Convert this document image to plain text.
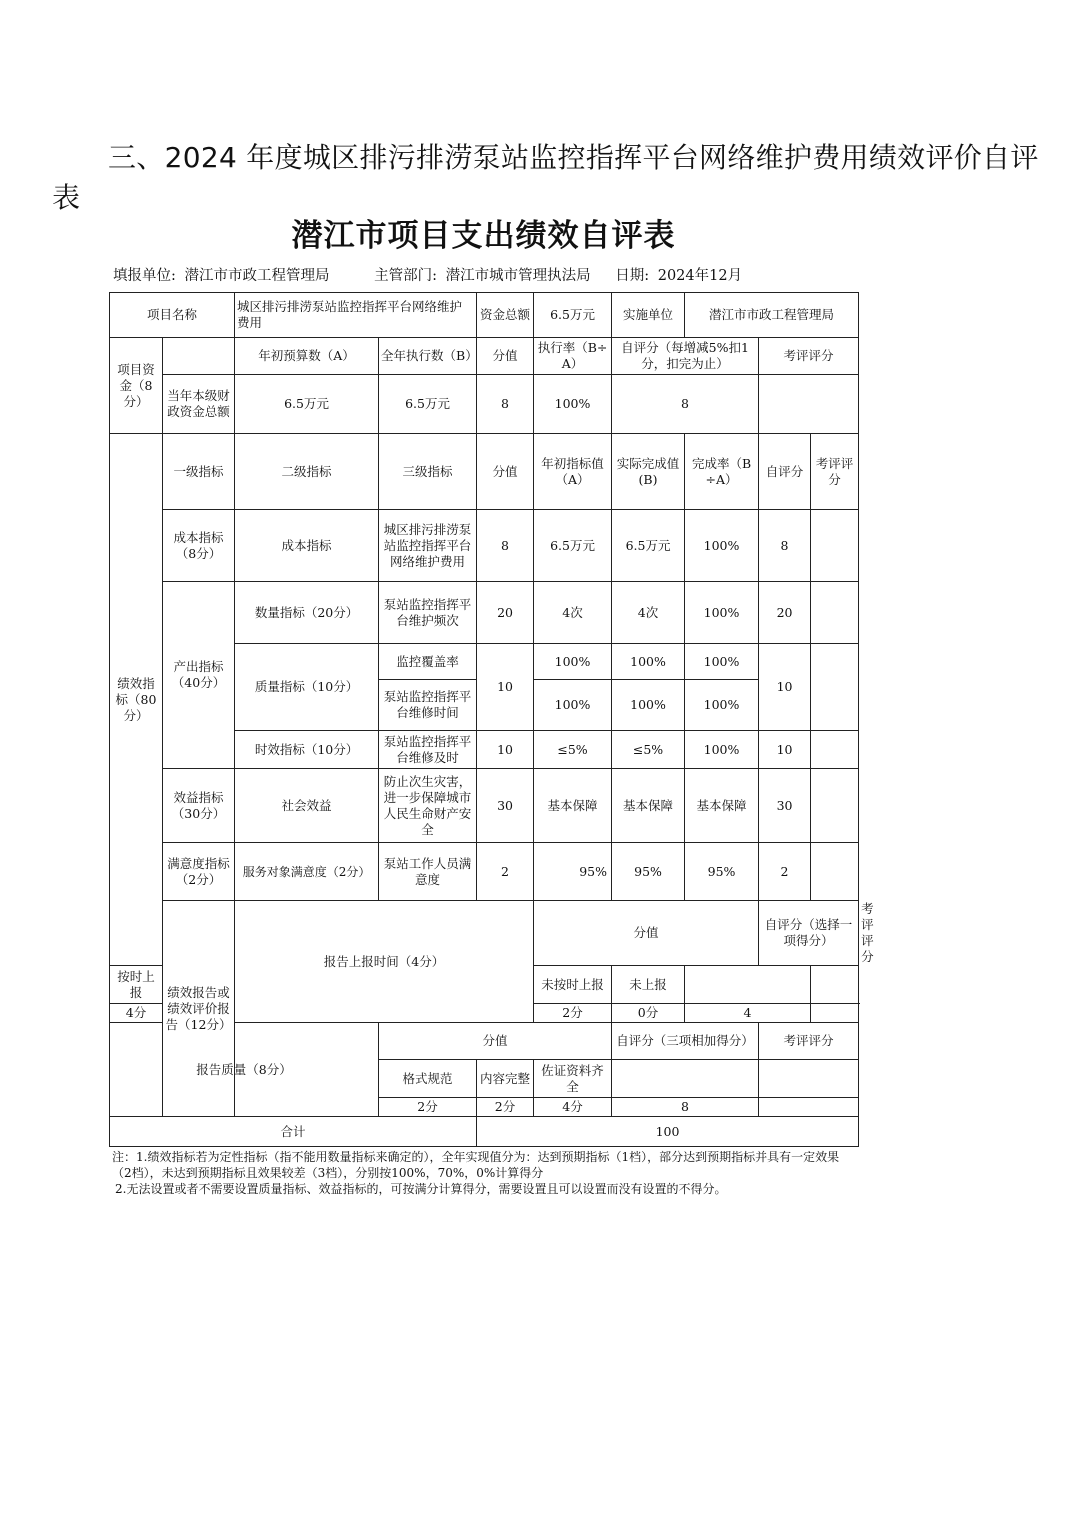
三、2024 年度城区排污排涝泵站监控指挥平台网络维护费用绩效评价自评表
潜江市项目支出绩效自评表
填报单位: 潜江市市政工程管理局	主管部门: 潜江市城市管理执法局 日期: 2024年12月
项目名称		城区排污排涝泵站监控指挥平台网络维护费用		资金总额	6.5万元	实施单位	潜江市市政工程管理局			
项目资金（8分）		年初预算数（A）	全年执行数（B）	分值	执行率（B÷A）	自评分（每增减5%扣1分，扣完为止）		考评评分		
	当年本级财政资金总额	6.5万元	6.5万元	8	100%	8				
绩效指标（80分）	一级指标	二级指标	三级指标	分值	年初指标值（A）	实际完成值(B)	完成率（B÷A）	自评分	考评评分	
	成本指标（8分）	成本指标	城区排污排涝泵站监控指挥平台网络维护费用	8	6.5万元	6.5万元	100%	8		
	产出指标（40分）	数量指标（20分）	泵站监控指挥平台维护频次	20	4次	4次	100%	20		
		质量指标（10分）	监控覆盖率	10	100%	100%	100%	10		
			泵站监控指挥平台维修时间		100%	100%	100%			
		时效指标（10分）	泵站监控指挥平台维修及时	10	≤5%	≤5%	100%	10		
	效益指标（30分）	社会效益	防止次生灾害，进一步保障城市人民生命财产安全	30	基本保障	基本保障	基本保障	30		
	满意度指标（2分）	服务对象满意度（2分）	泵站工作人员满意度	2	95%	95%	95%	2		
	绩效报告或绩效评价报告（12分）	报告上报时间（4分）			分值			自评分（选择一项得分）		考评评分	
按时上报					未按时上报	未上报				
4分					2分	0分	4			
报告质量（8分）			分值			自评分（三项相加得分）		考评评分		
			格式规范	内容完整	佐证资料齐全					
			2分	2分	4分	8				
合计				100						
注：1.绩效指标若为定性指标（指不能用数量指标来确定的），全年实现值分为：达到预期指标（1档），部分达到预期指标并具有一定效果（2档），未达到预期指标且效果较差（3档），分别按100%，70%，0%计算得分
2.无法设置或者不需要设置质量指标、效益指标的，可按满分计算得分，需要设置且可以设置而没有设置的不得分。
